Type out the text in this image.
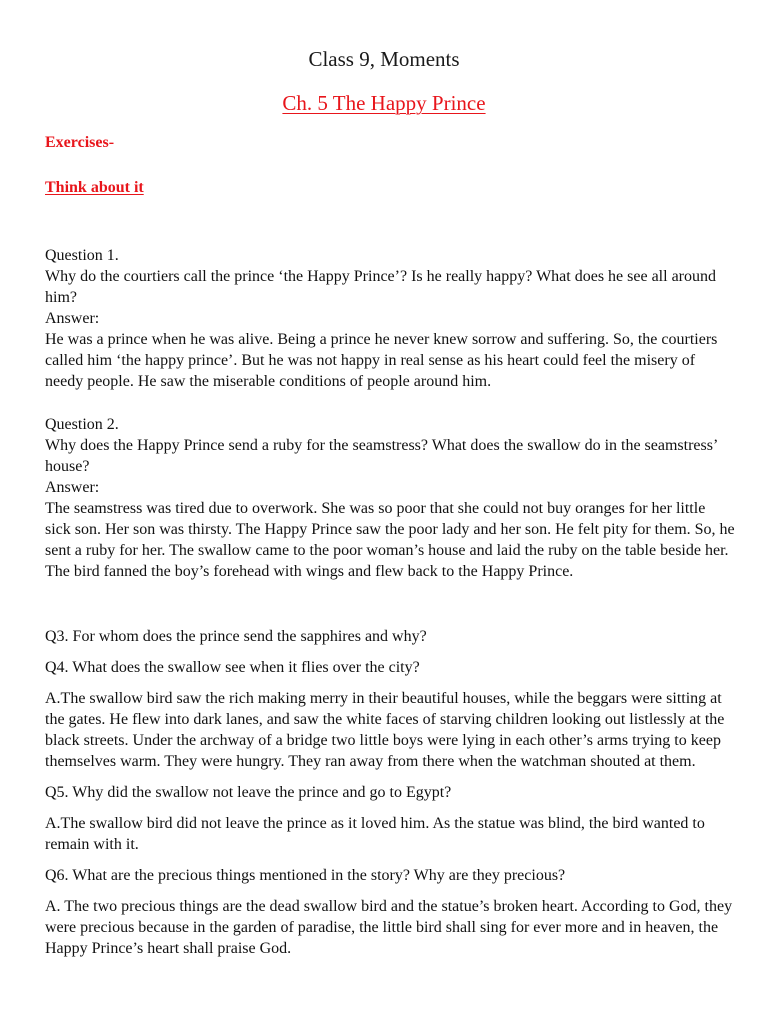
Class 9, Moments
Ch. 5 The Happy Prince
Exercises-
Think about it

Question 1.

Why do the courtiers call the prince ‘the Happy Prince’? Is he really happy? What does he see all around him?

Answer:

He was a prince when he was alive. Being a prince he never knew sorrow and suffering. So, the courtiers called him ‘the happy prince’. But he was not happy in real sense as his heart could feel the misery of needy people. He saw the miserable conditions of people around him.

Question 2.

Why does the Happy Prince send a ruby for the seamstress? What does the swallow do in the seamstress’ house?

Answer:

The seamstress was tired due to overwork. She was so poor that she could not buy oranges for her little sick son. Her son was thirsty. The Happy Prince saw the poor lady and her son. He felt pity for them. So, he sent a ruby for her. The swallow came to the poor woman’s house and laid the ruby on the table beside her. The bird fanned the boy’s forehead with wings and flew back to the Happy Prince.

Q3. For whom does the prince send the sapphires and why?

Q4. What does the swallow see when it flies over the city?

A.The swallow bird saw the rich making merry in their beautiful houses, while the beggars were sitting at the gates. He flew into dark lanes, and saw the white faces of starving children looking out listlessly at the black streets. Under the archway of a bridge two little boys were lying in each other’s arms trying to keep themselves warm. They were hungry. They ran away from there when the watchman shouted at them.

Q5. Why did the swallow not leave the prince and go to Egypt?

A.The swallow bird did not leave the prince as it loved him. As the statue was blind, the bird wanted to remain with it.

Q6. What are the precious things mentioned in the story? Why are they precious?

A. The two precious things are the dead swallow bird and the statue’s broken heart. According to God, they were precious because in the garden of paradise, the little bird shall sing for ever more and in heaven, the Happy Prince’s heart shall praise God.
